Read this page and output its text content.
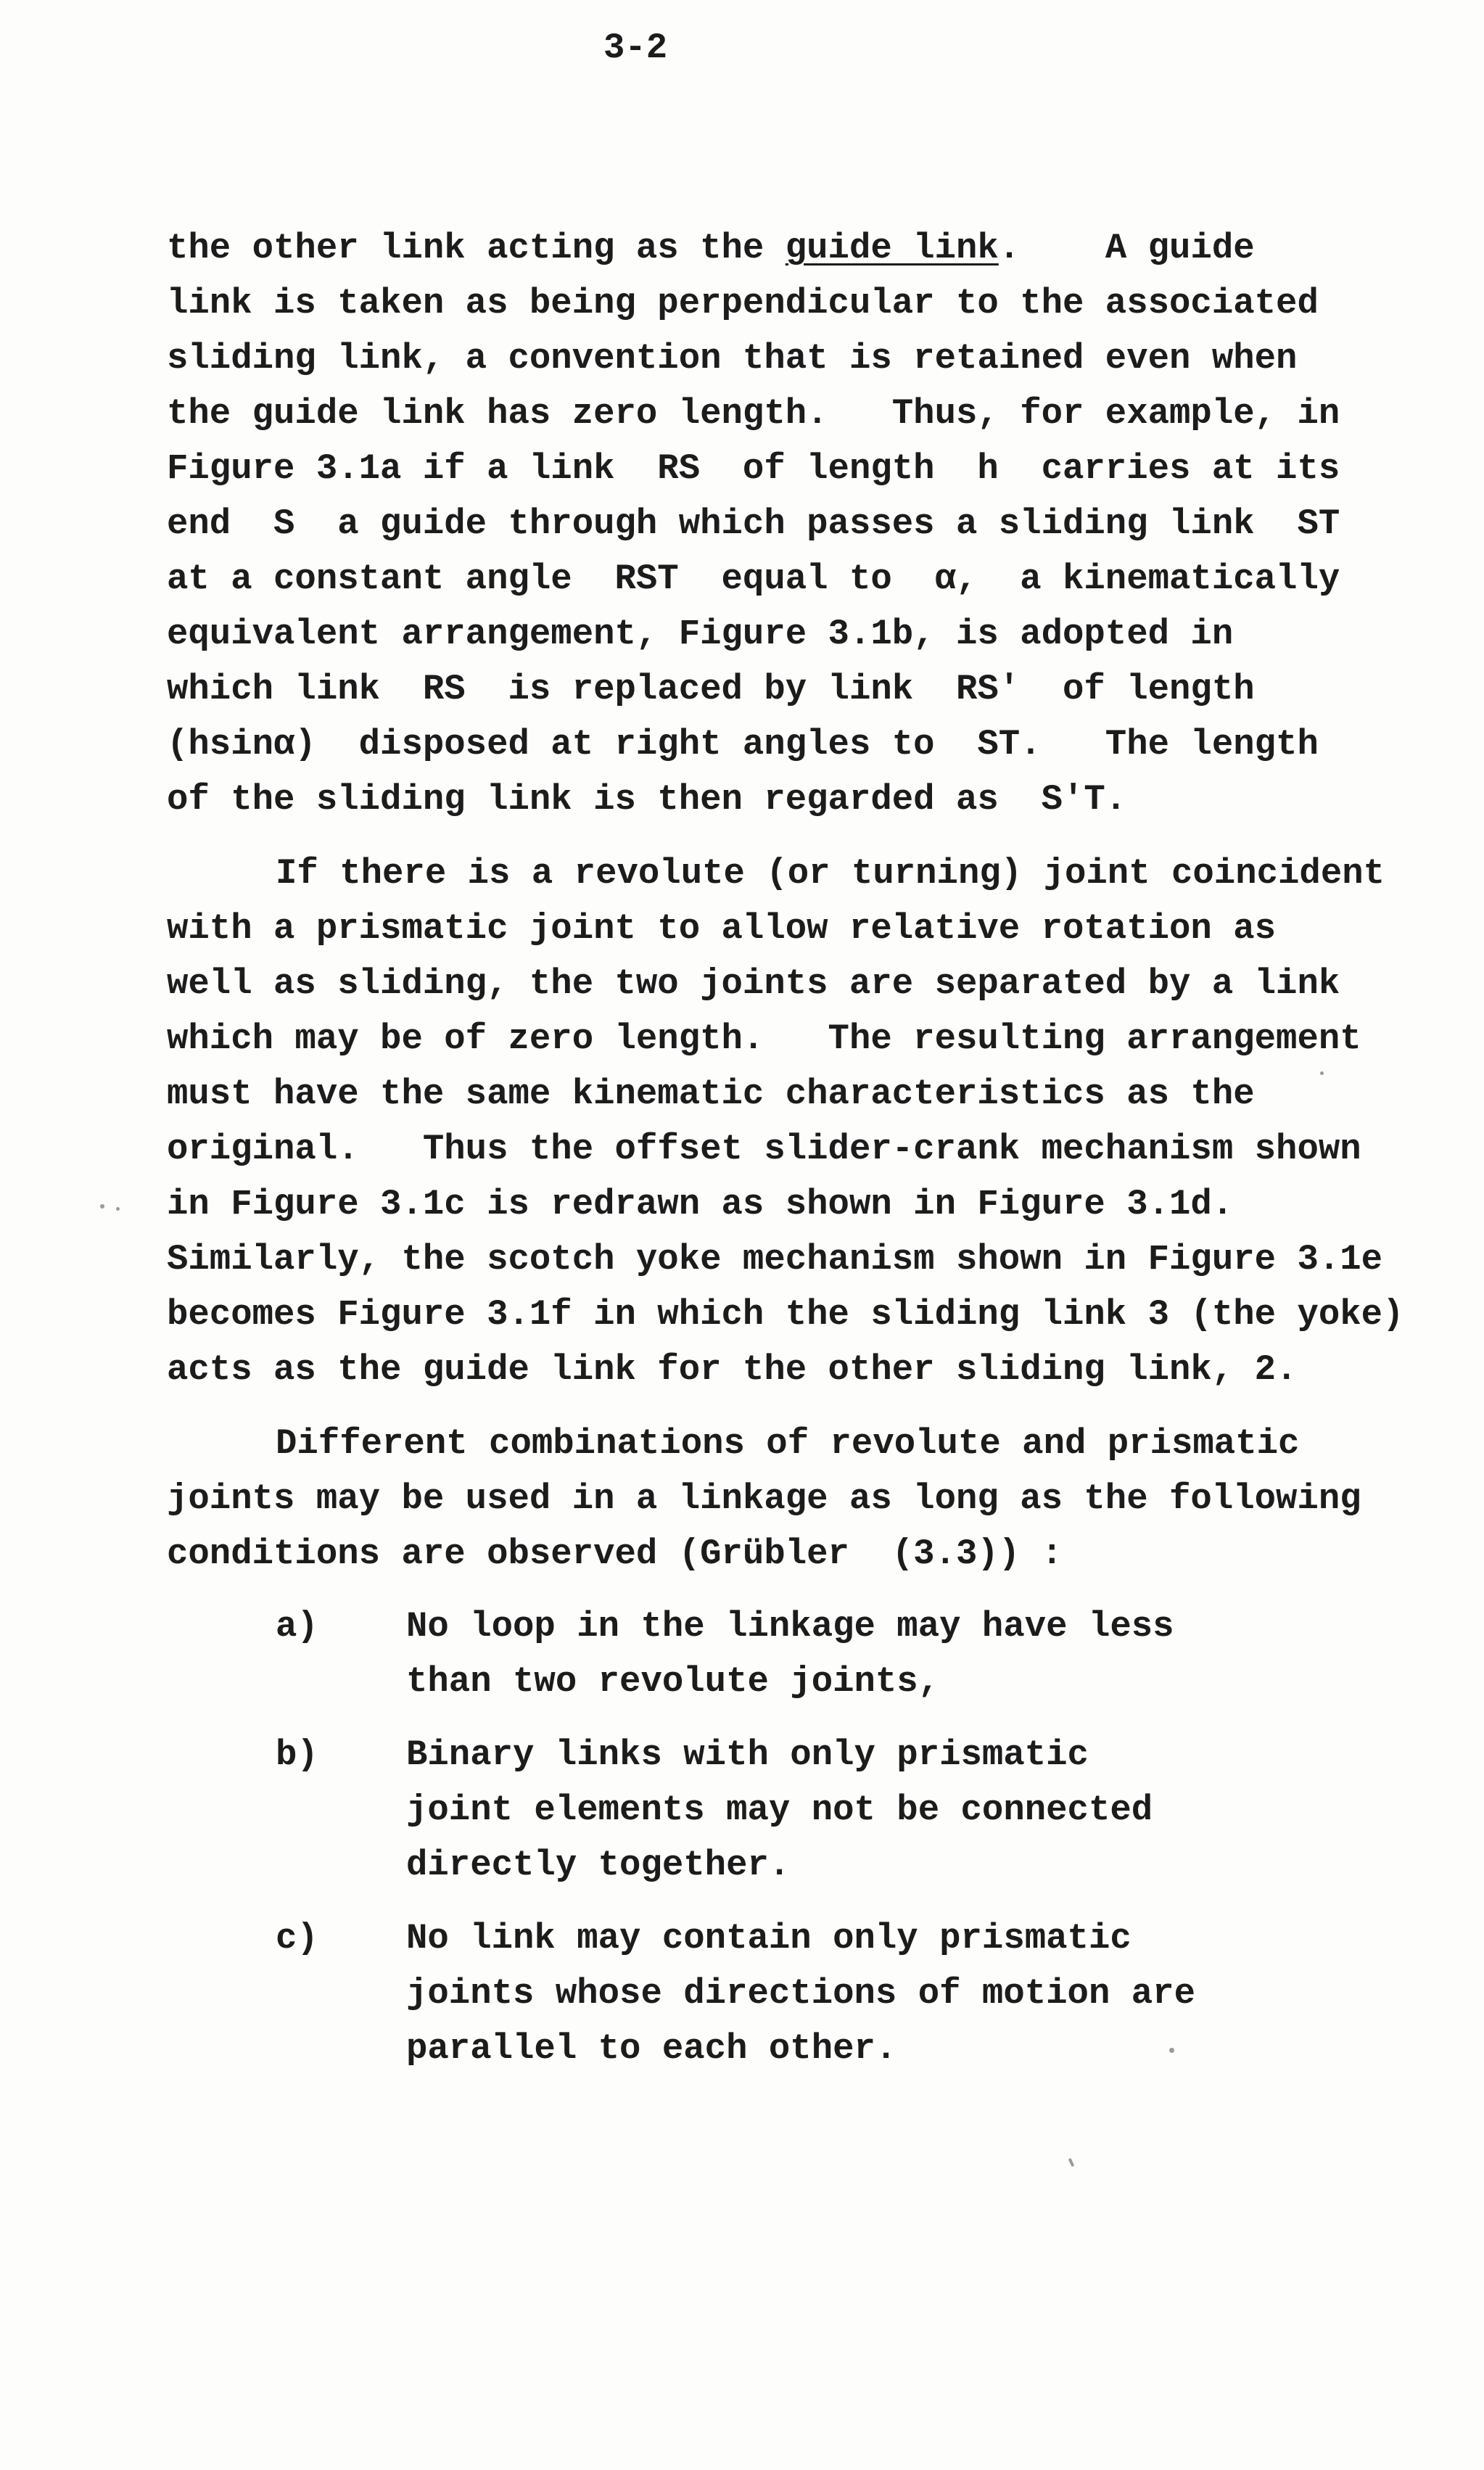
3-2
the other link acting as the guide link.    A guide
link is taken as being perpendicular to the associated
sliding link, a convention that is retained even when
the guide link has zero length.   Thus, for example, in
Figure 3.1a if a link  RS  of length  h  carries at its
end  S  a guide through which passes a sliding link  ST
at a constant angle  RST  equal to  α,  a kinematically
equivalent arrangement, Figure 3.1b, is adopted in
which link  RS  is replaced by link  RS'  of length
(hsinα)  disposed at right angles to  ST.   The length
of the sliding link is then regarded as  S'T.
If there is a revolute (or turning) joint coincident
with a prismatic joint to allow relative rotation as
well as sliding, the two joints are separated by a link
which may be of zero length.   The resulting arrangement
must have the same kinematic characteristics as the
original.   Thus the offset slider-crank mechanism shown
in Figure 3.1c is redrawn as shown in Figure 3.1d.
Similarly, the scotch yoke mechanism shown in Figure 3.1e
becomes Figure 3.1f in which the sliding link 3 (the yoke)
acts as the guide link for the other sliding link, 2.
Different combinations of revolute and prismatic
joints may be used in a linkage as long as the following
conditions are observed (Grübler  (3.3)) :
a) No loop in the linkage may have less
than two revolute joints,
b) Binary links with only prismatic
joint elements may not be connected
directly together.
c) No link may contain only prismatic
joints whose directions of motion are
parallel to each other.
